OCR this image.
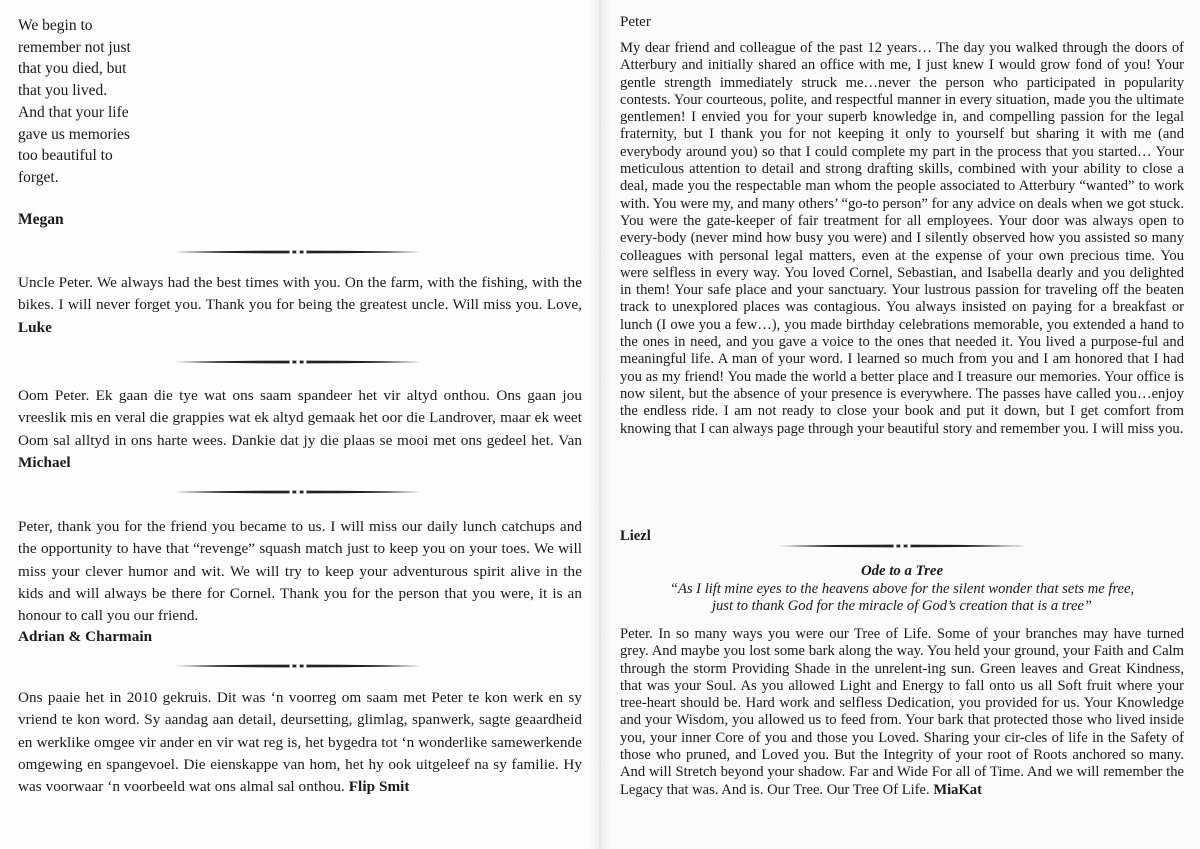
We begin to
remember not just
that you died, but
that you lived.
And that your life
gave us memories
too beautiful to
forget.

Megan

Uncle Peter. We always had the best times with you. On the farm, with the fishing, with the bikes. I will never forget you. Thank you for being the greatest uncle. Will miss you. Love, Luke

Oom Peter. Ek gaan die tye wat ons saam spandeer het vir altyd onthou. Ons gaan jou vreeslik mis en veral die grappies wat ek altyd gemaak het oor die Landrover, maar ek weet Oom sal alltyd in ons harte wees. Dankie dat jy die plaas se mooi met ons gedeel het. Van Michael

Peter, thank you for the friend you became to us. I will miss our daily lunch catchups and the opportunity to have that “revenge” squash match just to keep you on your toes. We will miss your clever humor and wit. We will try to keep your adventurous spirit alive in the kids and will always be there for Cornel. Thank you for the person that you were, it is an honour to call you our friend.

Adrian & Charmain

Ons paaie het in 2010 gekruis. Dit was ‘n voorreg om saam met Peter te kon werk en sy vriend te kon word. Sy aandag aan detail, deursetting, glimlag, spanwerk, sagte geaardheid en werklike omgee vir ander en vir wat reg is, het bygedra tot ‘n wonderlike samewerkende omgewing en spangevoel. Die eienskappe van hom, het hy ook uitgeleef na sy familie. Hy was voorwaar ‘n voorbeeld wat ons almal sal onthou. Flip Smit

Peter

My dear friend and colleague of the past 12 years… The day you walked through the doors of Atterbury and initially shared an office with me, I just knew I would grow fond of you! Your gentle strength immediately struck me…never the person who participated in popularity contests. Your courteous, polite, and respectful manner in every situation, made you the ultimate gentlemen! I envied you for your superb knowledge in, and compelling passion for the legal fraternity, but I thank you for not keeping it only to yourself but sharing it with me (and everybody around you) so that I could complete my part in the process that you started… Your meticulous attention to detail and strong drafting skills, combined with your ability to close a deal, made you the respectable man whom the people associated to Atterbury “wanted” to work with. You were my, and many others’ “go-to person” for any advice on deals when we got stuck. You were the gate-keeper of fair treatment for all employees. Your door was always open to every-body (never mind how busy you were) and I silently observed how you assisted so many colleagues with personal legal matters, even at the expense of your own precious time. You were selfless in every way. You loved Cornel, Sebastian, and Isabella dearly and you delighted in them! Your safe place and your sanctuary. Your lustrous passion for traveling off the beaten track to unexplored places was contagious. You always insisted on paying for a breakfast or lunch (I owe you a few…), you made birthday celebrations memorable, you extended a hand to the ones in need, and you gave a voice to the ones that needed it. You lived a purpose-ful and meaningful life. A man of your word. I learned so much from you and I am honored that I had you as my friend! You made the world a better place and I treasure our memories. Your office is now silent, but the absence of your presence is everywhere. The passes have called you…enjoy the endless ride. I am not ready to close your book and put it down, but I get comfort from knowing that I can always page through your beautiful story and remember you. I will miss you.

Liezl

Ode to a Tree

“As I lift mine eyes to the heavens above for the silent wonder that sets me free,
just to thank God for the miracle of God’s creation that is a tree”

Peter. In so many ways you were our Tree of Life. Some of your branches may have turned grey. And maybe you lost some bark along the way. You held your ground, your Faith and Calm through the storm Providing Shade in the unrelent-ing sun. Green leaves and Great Kindness, that was your Soul. As you allowed Light and Energy to fall onto us all Soft fruit where your tree-heart should be. Hard work and selfless Dedication, you provided for us. Your Knowledge and your Wisdom, you allowed us to feed from. Your bark that protected those who lived inside you, your inner Core of you and those you Loved. Sharing your cir-cles of life in the Safety of those who pruned, and Loved you. But the Integrity of your root of Roots anchored so many. And will Stretch beyond your shadow. Far and Wide For all of Time. And we will remember the Legacy that was. And is. Our Tree. Our Tree Of Life. MiaKat
